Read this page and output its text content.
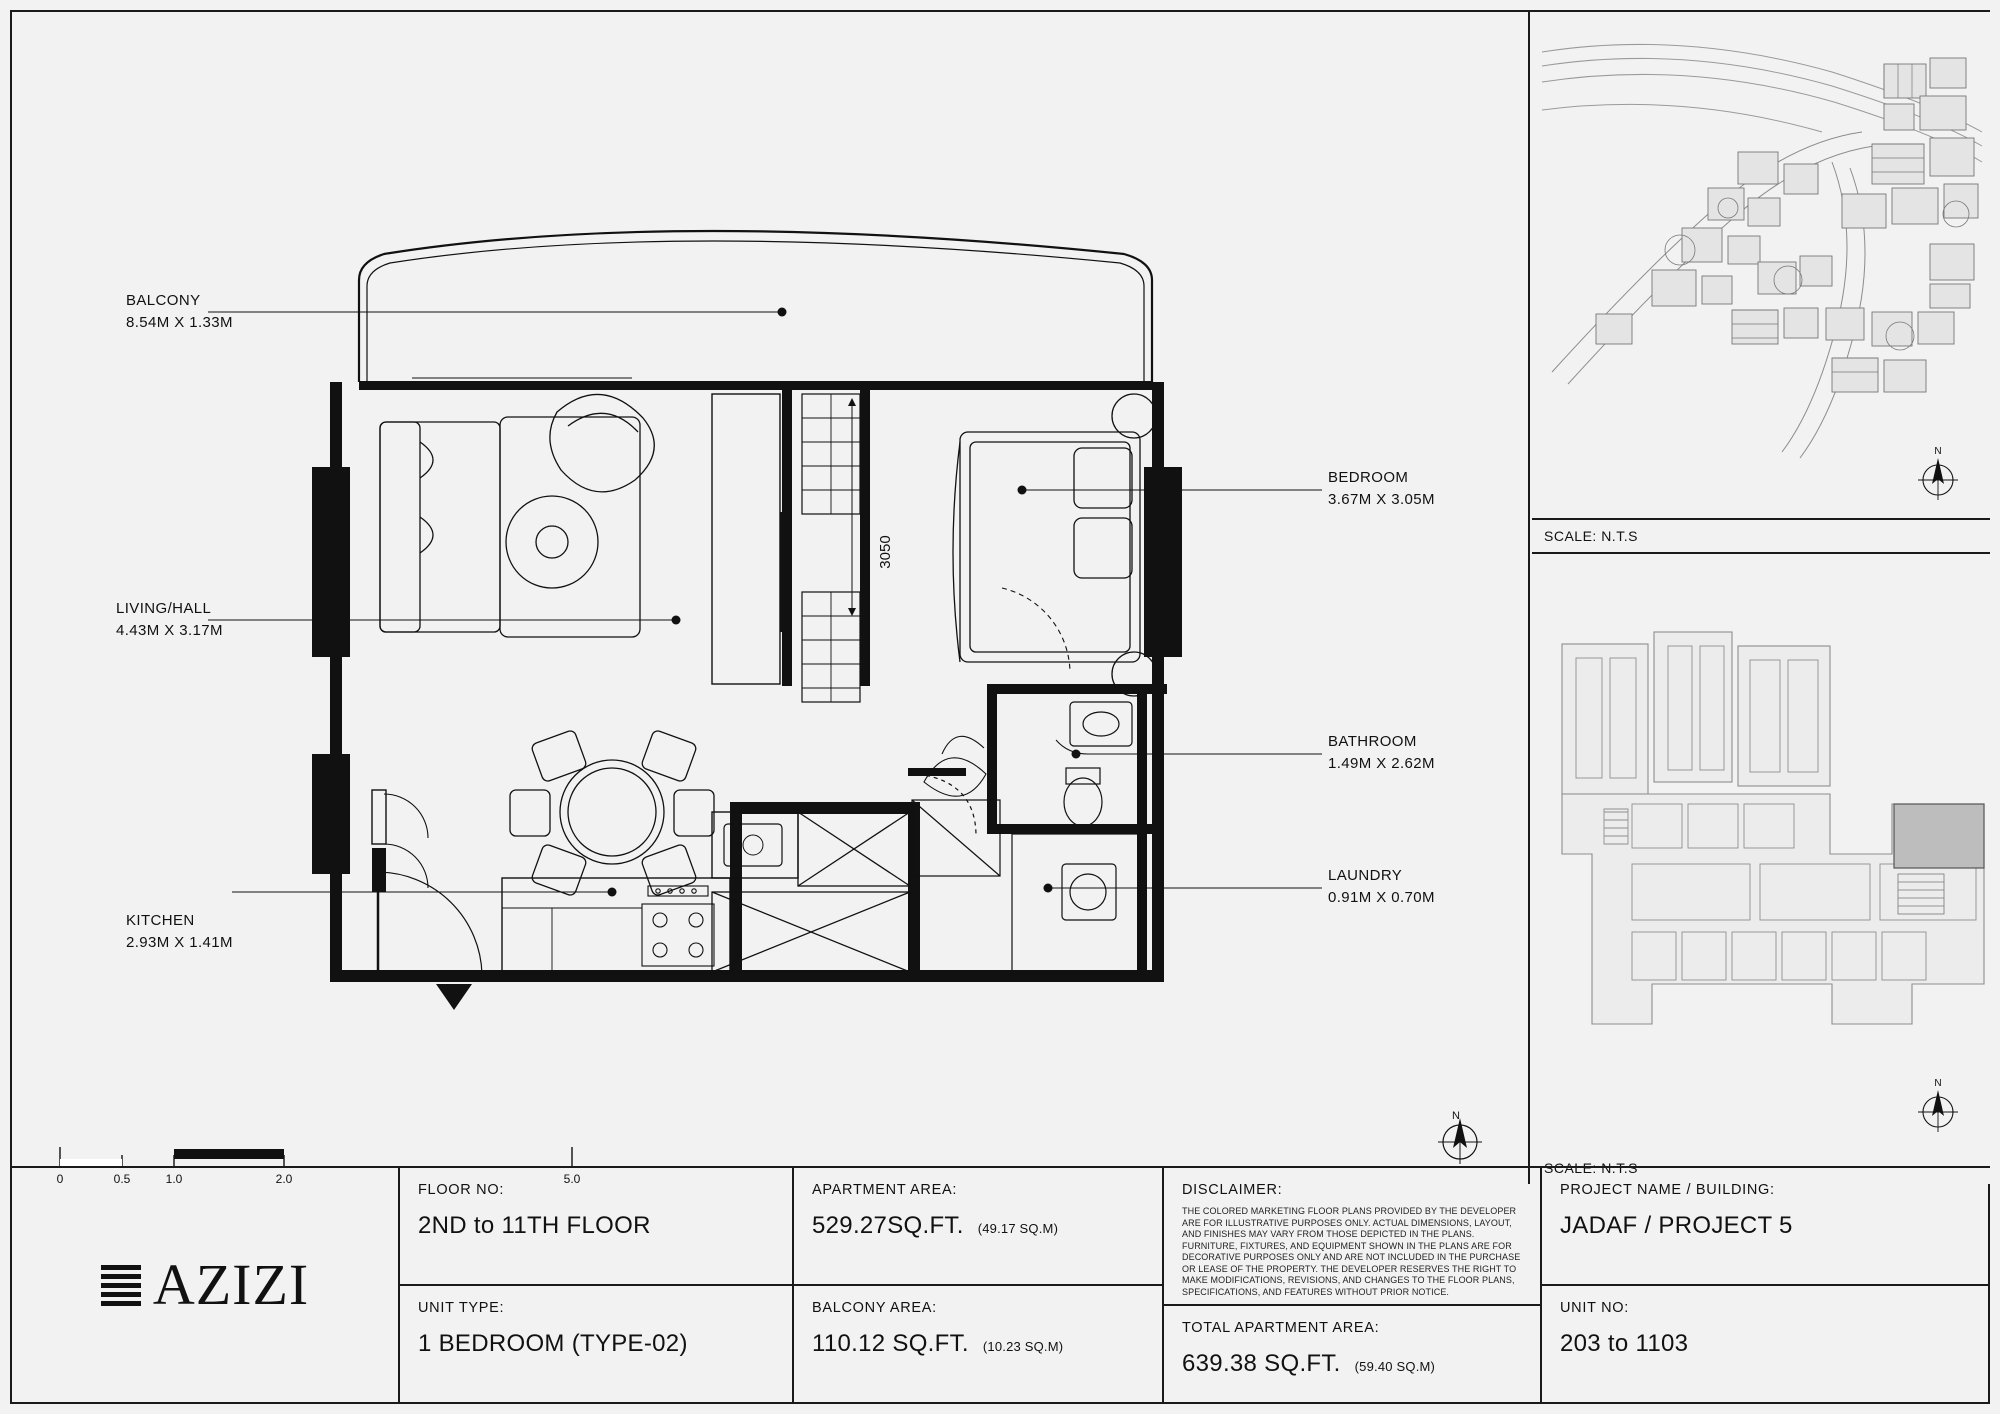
3050
0	0.5	1.0	2.0	5.0
N
BALCONY
8.54M X 1.33M
LIVING/HALL
4.43M X 3.17M
KITCHEN
2.93M X 1.41M
BEDROOM
3.67M X 3.05M
BATHROOM
1.49M X 2.62M
LAUNDRY
0.91M X 0.70M
N
SCALE: N.T.S
N
SCALE: N.T.S
AZIZI
FLOOR NO:
2ND to 11TH FLOOR
UNIT TYPE:
1 BEDROOM (TYPE-02)
APARTMENT AREA:
529.27SQ.FT. (49.17 SQ.M)
BALCONY AREA:
110.12 SQ.FT. (10.23 SQ.M)
DISCLAIMER:
THE COLORED MARKETING FLOOR PLANS PROVIDED BY THE DEVELOPER ARE FOR ILLUSTRATIVE PURPOSES ONLY. ACTUAL DIMENSIONS, LAYOUT, AND FINISHES MAY VARY FROM THOSE DEPICTED IN THE PLANS. FURNITURE, FIXTURES, AND EQUIPMENT SHOWN IN THE PLANS ARE FOR DECORATIVE PURPOSES ONLY AND ARE NOT INCLUDED IN THE PURCHASE OR LEASE OF THE PROPERTY. THE DEVELOPER RESERVES THE RIGHT TO MAKE MODIFICATIONS, REVISIONS, AND CHANGES TO THE FLOOR PLANS, SPECIFICATIONS, AND FEATURES WITHOUT PRIOR NOTICE.
TOTAL APARTMENT AREA:
639.38 SQ.FT. (59.40 SQ.M)
PROJECT NAME / BUILDING:
JADAF / PROJECT 5
UNIT NO:
203 to 1103
